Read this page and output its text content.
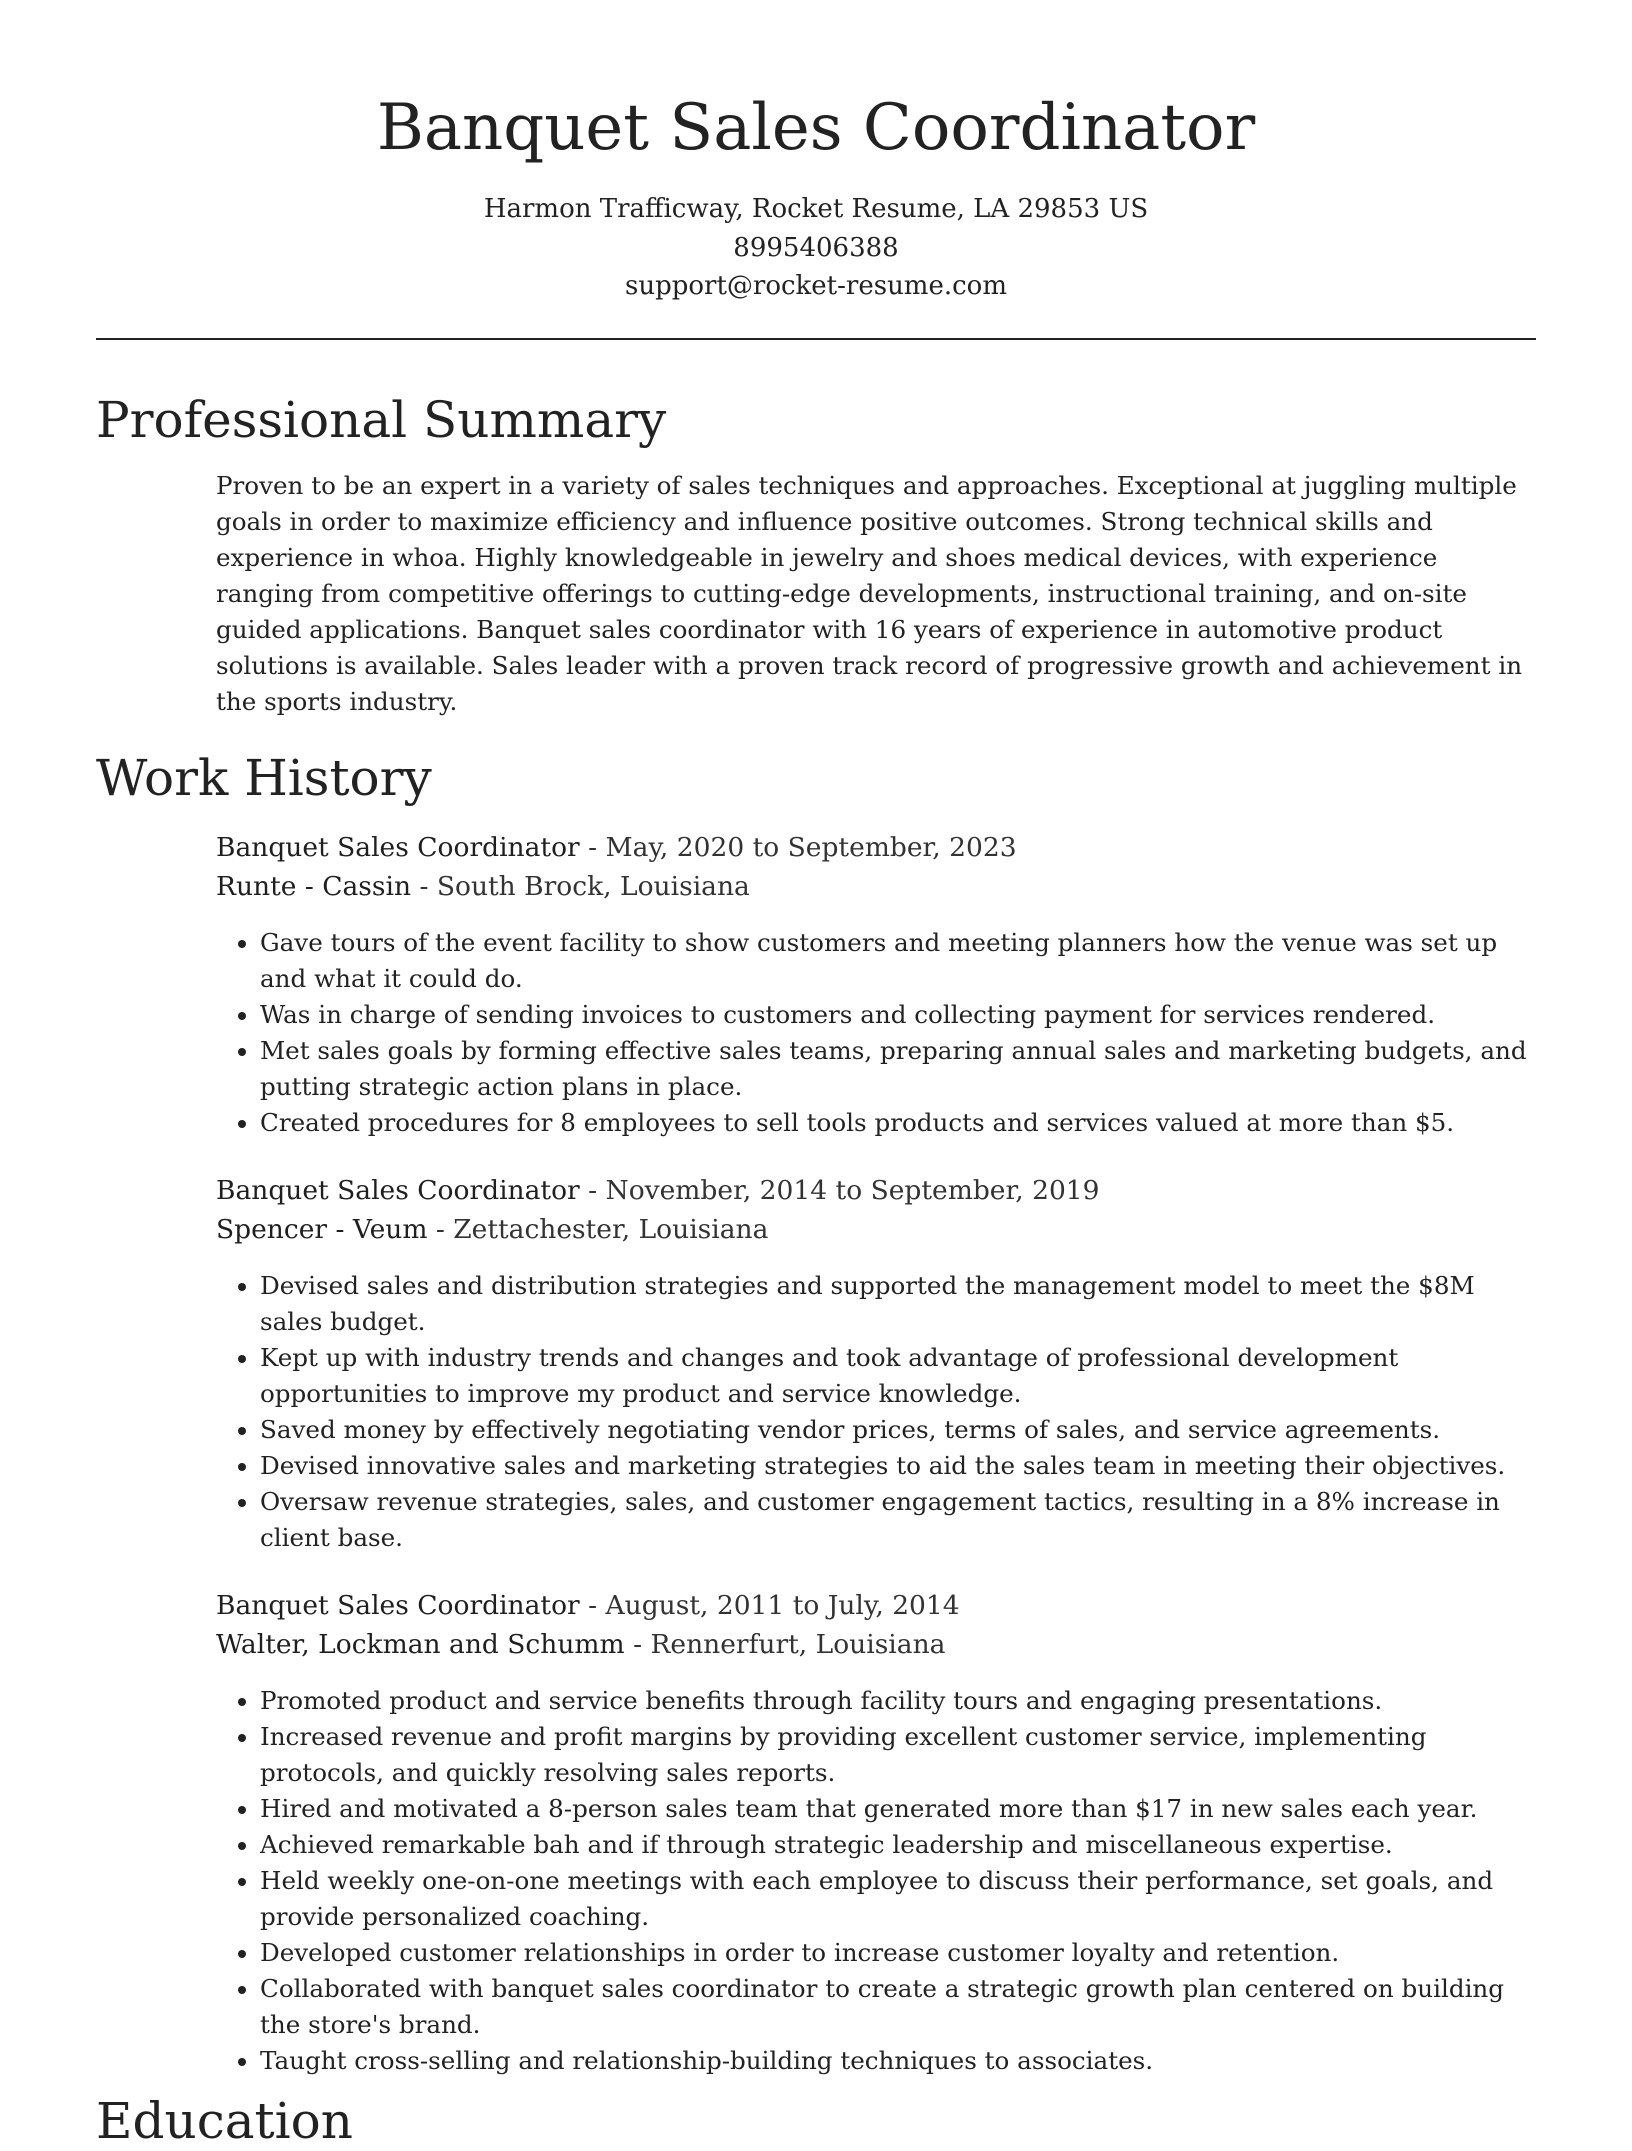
Banquet Sales Coordinator
Harmon Trafficway, Rocket Resume, LA 29853 US
8995406388
support@rocket-resume.com
Professional Summary

Proven to be an expert in a variety of sales techniques and approaches. Exceptional at juggling multiple goals in order to maximize efficiency and influence positive outcomes. Strong technical skills and experience in whoa. Highly knowledgeable in jewelry and shoes medical devices, with experience ranging from competitive offerings to cutting-edge developments, instructional training, and on-site guided applications. Banquet sales coordinator with 16 years of experience in automotive product solutions is available. Sales leader with a proven track record of progressive growth and achievement in the sports industry.

Work History
Banquet Sales Coordinator - May, 2020 to September, 2023
Runte - Cassin - South Brock, Louisiana
• Gave tours of the event facility to show customers and meeting planners how the venue was set up and what it could do.
• Was in charge of sending invoices to customers and collecting payment for services rendered.
• Met sales goals by forming effective sales teams, preparing annual sales and marketing budgets, and putting strategic action plans in place.
• Created procedures for 8 employees to sell tools products and services valued at more than $5.
Banquet Sales Coordinator - November, 2014 to September, 2019
Spencer - Veum - Zettachester, Louisiana
• Devised sales and distribution strategies and supported the management model to meet the $8M sales budget.
• Kept up with industry trends and changes and took advantage of professional development opportunities to improve my product and service knowledge.
• Saved money by effectively negotiating vendor prices, terms of sales, and service agreements.
• Devised innovative sales and marketing strategies to aid the sales team in meeting their objectives.
• Oversaw revenue strategies, sales, and customer engagement tactics, resulting in a 8% increase in client base.
Banquet Sales Coordinator - August, 2011 to July, 2014
Walter, Lockman and Schumm - Rennerfurt, Louisiana
• Promoted product and service benefits through facility tours and engaging presentations.
• Increased revenue and profit margins by providing excellent customer service, implementing protocols, and quickly resolving sales reports.
• Hired and motivated a 8-person sales team that generated more than $17 in new sales each year.
• Achieved remarkable bah and if through strategic leadership and miscellaneous expertise.
• Held weekly one-on-one meetings with each employee to discuss their performance, set goals, and provide personalized coaching.
• Developed customer relationships in order to increase customer loyalty and retention.
• Collaborated with banquet sales coordinator to create a strategic growth plan centered on building the store's brand.
• Taught cross-selling and relationship-building techniques to associates.
Education
